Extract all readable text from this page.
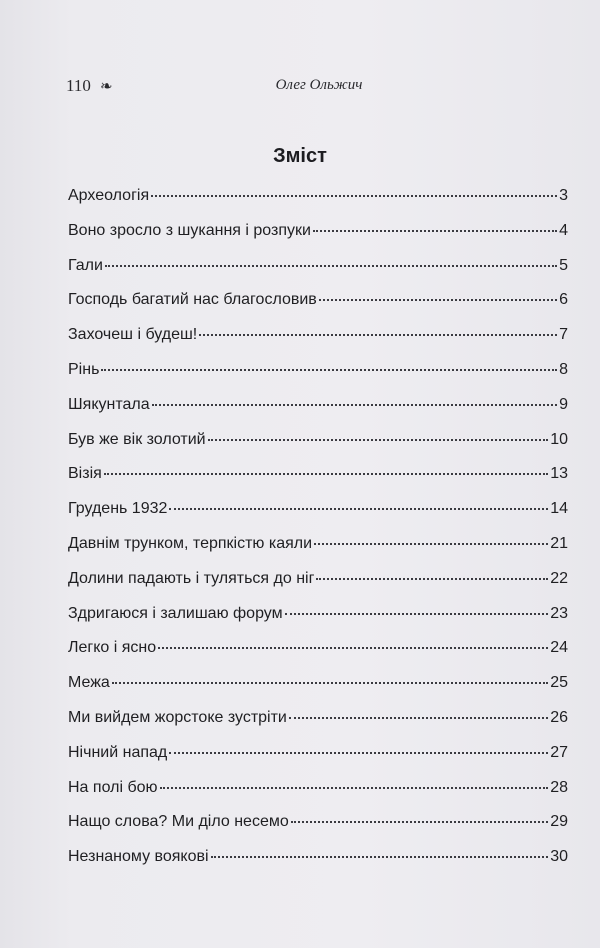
110 ❧	Олег Ольжич
Зміст
Археологія	3
Воно зросло з шукання і розпуки	4
Гали	5
Господь багатий нас благословив	6
Захочеш і будеш!	7
Рінь	8
Шякунтала	9
Був же вік золотий	10
Візія	13
Грудень 1932	14
Давнім трунком, терпкістю каяли	21
Долини падають і туляться до ніг	22
Здригаюся і залишаю форум	23
Легко і ясно	24
Межа	25
Ми вийдем жорстоке зустріти	26
Нічний напад	27
На полі бою	28
Нащо слова? Ми діло несемо	29
Незнаному воякові	30
